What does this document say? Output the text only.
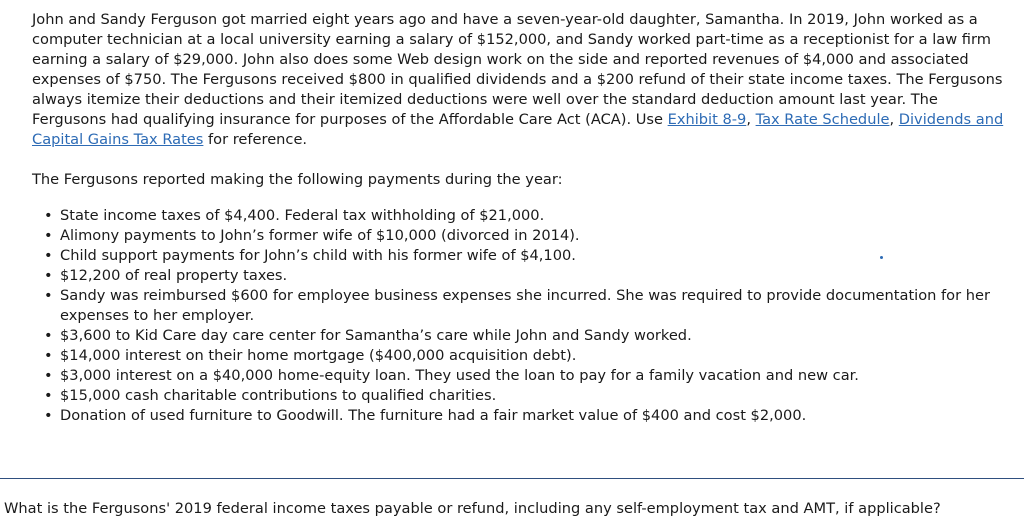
John and Sandy Ferguson got married eight years ago and have a seven-year-old daughter, Samantha. In 2019, John worked as a computer technician at a local university earning a salary of $152,000, and Sandy worked part-time as a receptionist for a law firm earning a salary of $29,000. John also does some Web design work on the side and reported revenues of $4,000 and associated expenses of $750. The Fergusons received $800 in qualified dividends and a $200 refund of their state income taxes. The Fergusons always itemize their deductions and their itemized deductions were well over the standard deduction amount last year. The Fergusons had qualifying insurance for purposes of the Affordable Care Act (ACA). Use Exhibit 8-9, Tax Rate Schedule, Dividends and Capital Gains Tax Rates for reference.

The Fergusons reported making the following payments during the year:

• State income taxes of $4,400. Federal tax withholding of $21,000.
• Alimony payments to John’s former wife of $10,000 (divorced in 2014).
• Child support payments for John’s child with his former wife of $4,100.
• $12,200 of real property taxes.
• Sandy was reimbursed $600 for employee business expenses she incurred. She was required to provide documentation for her expenses to her employer.
• $3,600 to Kid Care day care center for Samantha’s care while John and Sandy worked.
• $14,000 interest on their home mortgage ($400,000 acquisition debt).
• $3,000 interest on a $40,000 home-equity loan. They used the loan to pay for a family vacation and new car.
• $15,000 cash charitable contributions to qualified charities.
• Donation of used furniture to Goodwill. The furniture had a fair market value of $400 and cost $2,000.

What is the Fergusons' 2019 federal income taxes payable or refund, including any self-employment tax and AMT, if applicable?
